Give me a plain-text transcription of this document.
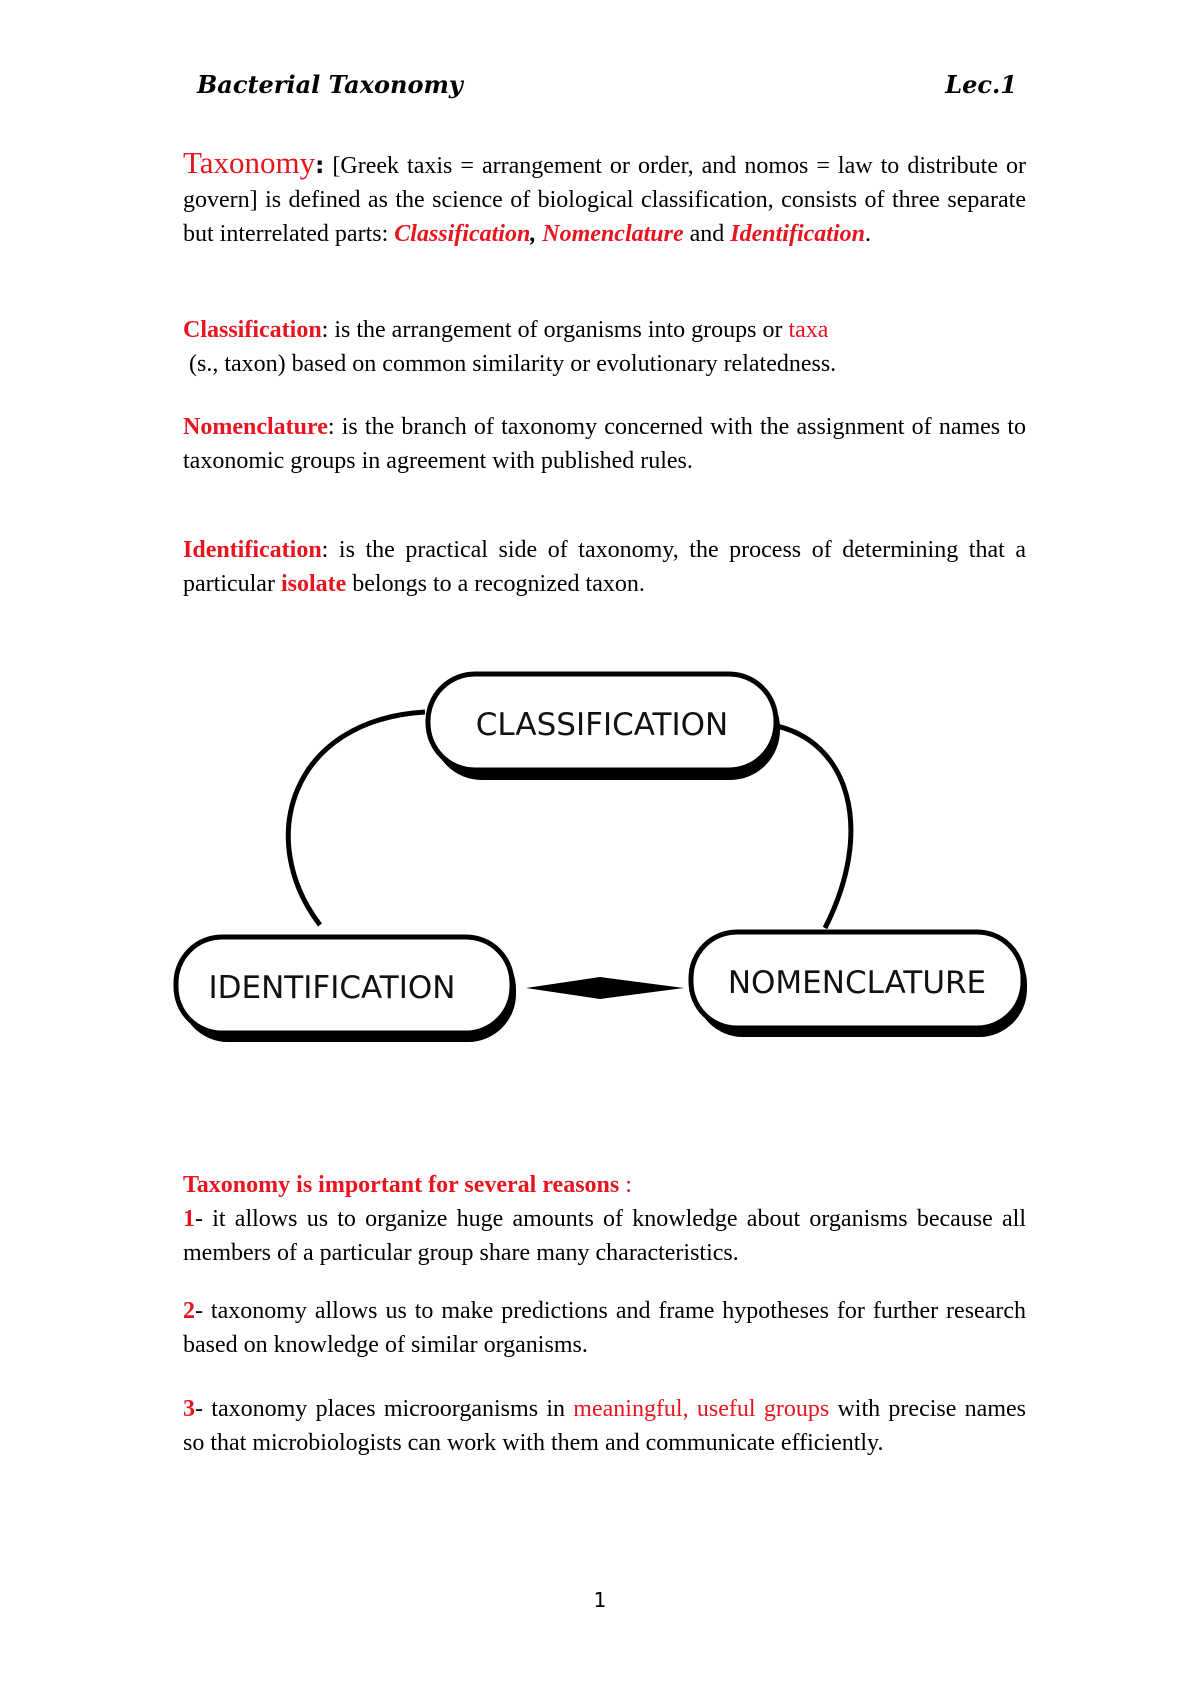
Bacterial Taxonomy	Lec.1
Taxonomy: [Greek taxis = arrangement or order, and nomos = law to distribute or govern] is defined as the science of biological classification, consists of three separate but interrelated parts: Classification, Nomenclature and Identification.
Classification: is the arrangement of organisms into groups or taxa
(s., taxon) based on common similarity or evolutionary relatedness.
Nomenclature: is the branch of taxonomy concerned with the assignment of names to taxonomic groups in agreement with published rules.
Identification: is the practical side of taxonomy, the process of determining that a particular isolate belongs to a recognized taxon.
CLASSIFICATION
IDENTIFICATION	NOMENCLATURE
Taxonomy is important for several reasons :
1- it allows us to organize huge amounts of knowledge about organisms because all members of a particular group share many characteristics.
2- taxonomy allows us to make predictions and frame hypotheses for further research based on knowledge of similar organisms.
3- taxonomy places microorganisms in meaningful, useful groups with precise names so that microbiologists can work with them and communicate efficiently.
1
